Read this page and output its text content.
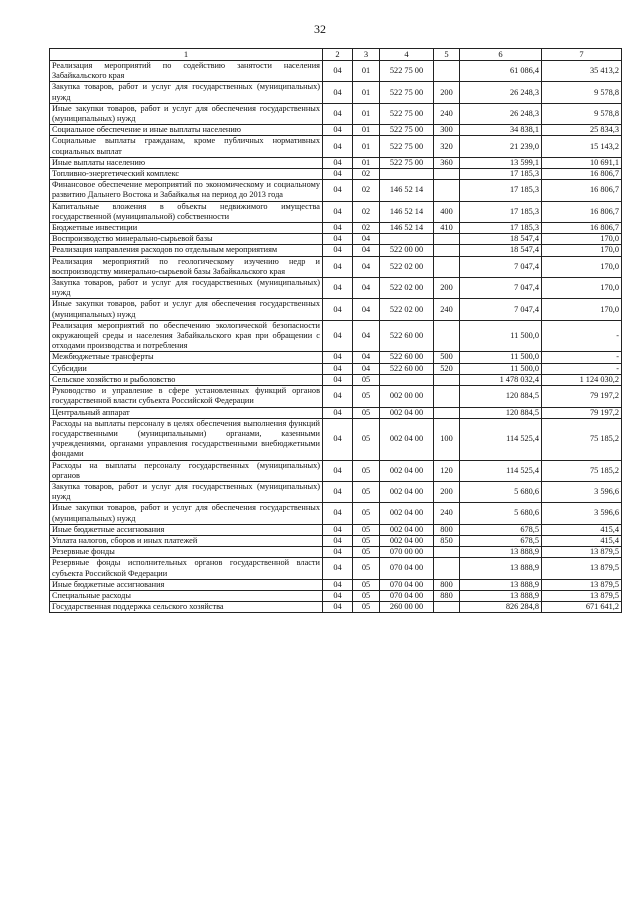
32
1	2	3	4	5	6	7
Реализация мероприятий по содействию занятости населения Забайкальского края	04	01	522 75 00		61 086,4	35 413,2
Закупка товаров, работ и услуг для государственных (муниципальных) нужд	04	01	522 75 00	200	26 248,3	9 578,8
Иные закупки товаров, работ и услуг для обеспечения государственных (муниципальных) нужд	04	01	522 75 00	240	26 248,3	9 578,8
Социальное обеспечение и иные выплаты населению	04	01	522 75 00	300	34 838,1	25 834,3
Социальные выплаты гражданам, кроме публичных нормативных социальных выплат	04	01	522 75 00	320	21 239,0	15 143,2
Иные выплаты населению	04	01	522 75 00	360	13 599,1	10 691,1
Топливно-энергетический комплекс	04	02			17 185,3	16 806,7
Финансовое обеспечение мероприятий по экономическому и социальному развитию Дальнего Востока и Забайкалья на период до 2013 года	04	02	146 52 14		17 185,3	16 806,7
Капитальные вложения в объекты недвижимого имущества государственной (муниципальной) собственности	04	02	146 52 14	400	17 185,3	16 806,7
Бюджетные инвестиции	04	02	146 52 14	410	17 185,3	16 806,7
Воспроизводство минерально-сырьевой базы	04	04			18 547,4	170,0
Реализация направления расходов по отдельным мероприятиям	04	04	522 00 00		18 547,4	170,0
Реализация мероприятий по геологическому изучению недр и воспроизводству минерально-сырьевой базы Забайкальского края	04	04	522 02 00		7 047,4	170,0
Закупка товаров, работ и услуг для государственных (муниципальных) нужд	04	04	522 02 00	200	7 047,4	170,0
Иные закупки товаров, работ и услуг для обеспечения государственных (муниципальных) нужд	04	04	522 02 00	240	7 047,4	170,0
Реализация мероприятий по обеспечению экологической безопасности окружающей среды и населения Забайкальского края при обращении с отходами производства и потребления	04	04	522 60 00		11 500,0	-
Межбюджетные трансферты	04	04	522 60 00	500	11 500,0	-
Субсидии	04	04	522 60 00	520	11 500,0	-
Сельское хозяйство и рыболовство	04	05			1 478 032,4	1 124 030,2
Руководство и управление в сфере установленных функций органов государственной власти субъекта Российской Федерации	04	05	002 00 00		120 884,5	79 197,2
Центральный аппарат	04	05	002 04 00		120 884,5	79 197,2
Расходы на выплаты персоналу в целях обеспечения выполнения функций государственными (муниципальными) органами, казенными учреждениями, органами управления государственными внебюджетными фондами	04	05	002 04 00	100	114 525,4	75 185,2
Расходы на выплаты персоналу государственных (муниципальных) органов	04	05	002 04 00	120	114 525,4	75 185,2
Закупка товаров, работ и услуг для государственных (муниципальных) нужд	04	05	002 04 00	200	5 680,6	3 596,6
Иные закупки товаров, работ и услуг для обеспечения государственных (муниципальных) нужд	04	05	002 04 00	240	5 680,6	3 596,6
Иные бюджетные ассигнования	04	05	002 04 00	800	678,5	415,4
Уплата налогов, сборов и иных платежей	04	05	002 04 00	850	678,5	415,4
Резервные фонды	04	05	070 00 00		13 888,9	13 879,5
Резервные фонды исполнительных органов государственной власти субъекта Российской Федерации	04	05	070 04 00		13 888,9	13 879,5
Иные бюджетные ассигнования	04	05	070 04 00	800	13 888,9	13 879,5
Специальные расходы	04	05	070 04 00	880	13 888,9	13 879,5
Государственная поддержка сельского хозяйства	04	05	260 00 00		826 284,8	671 641,2
